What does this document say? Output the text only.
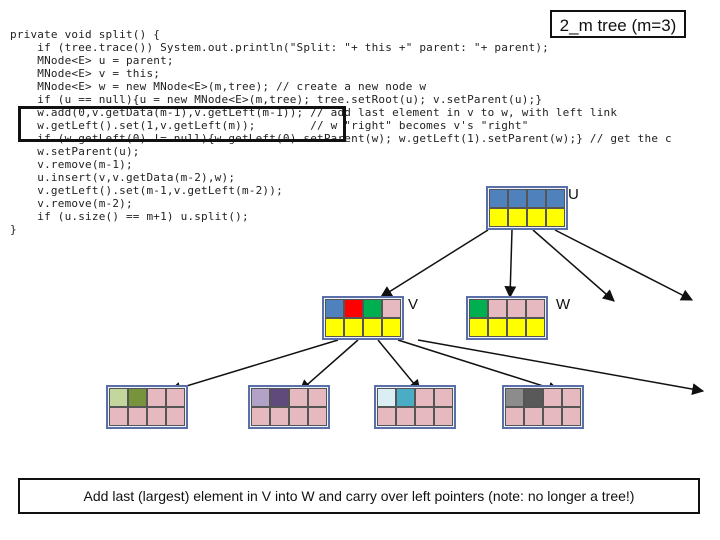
private void split() {
if (tree.trace()) System.out.println("Split: "+ this +" parent: "+ parent);
MNode<E> u = parent;
MNode<E> v = this;
MNode<E> w = new MNode<E>(m,tree); // create a new node w
if (u == null){u = new MNode<E>(m,tree); tree.setRoot(u); v.setParent(u);}
w.add(0,v.getData(m-1),v.getLeft(m-1)); // add last element in v to w, with left link
w.getLeft().set(1,v.getLeft(m));        // w "right" becomes v's "right"
if (w.getLeft(0) != null){w.getLeft(0).setParent(w); w.getLeft(1).setParent(w);} // get the c
w.setParent(u);
v.remove(m-1);
u.insert(v,v.getData(m-2),w);
v.getLeft().set(m-1,v.getLeft(m-2));
v.remove(m-2);
if (u.size() == m+1) u.split();
}
2_m tree (m=3)
U
V	W
Add last (largest) element in V into W and carry over left pointers (note: no longer a tree!)
